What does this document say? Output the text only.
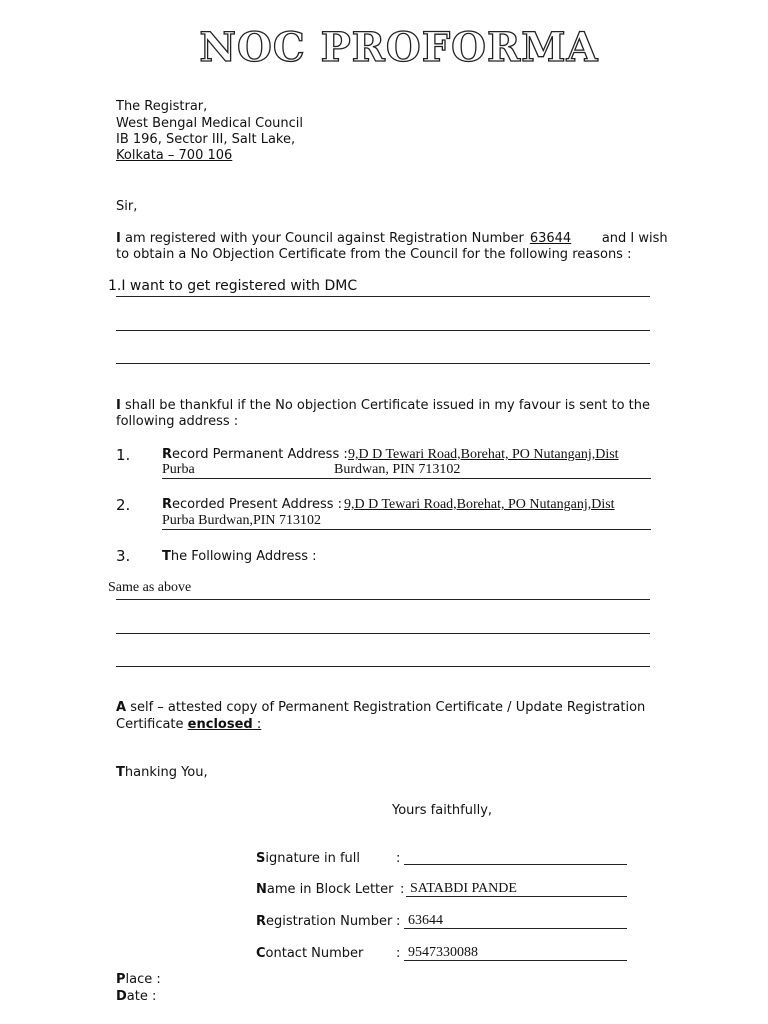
NOC PROFORMA
The Registrar,
West Bengal Medical Council
IB 196, Sector III, Salt Lake,
Kolkata – 700 106
Sir,
I am registered with your Council against Registration Number 63644 and I wish
to obtain a No Objection Certificate from the Council for the following reasons :
1.I want to get registered with DMC
I shall be thankful if the No objection Certificate issued in my favour is sent to the
following address :
1. Record Permanent Address : 9,D D Tewari Road,Borehat, PO Nutanganj,Dist
Purba	Burdwan, PIN 713102
2. Recorded Present Address : 9,D D Tewari Road,Borehat, PO Nutanganj,Dist
Purba Burdwan,PIN 713102
3. The Following Address :
Same as above
A self – attested copy of Permanent Registration Certificate / Update Registration
Certificate enclosed :
Thanking You,
Yours faithfully,
Signature in full	:
Name in Block Letter : SATABDI PANDE
Registration Number : 63644
Contact Number	: 9547330088
Place :
Date :
